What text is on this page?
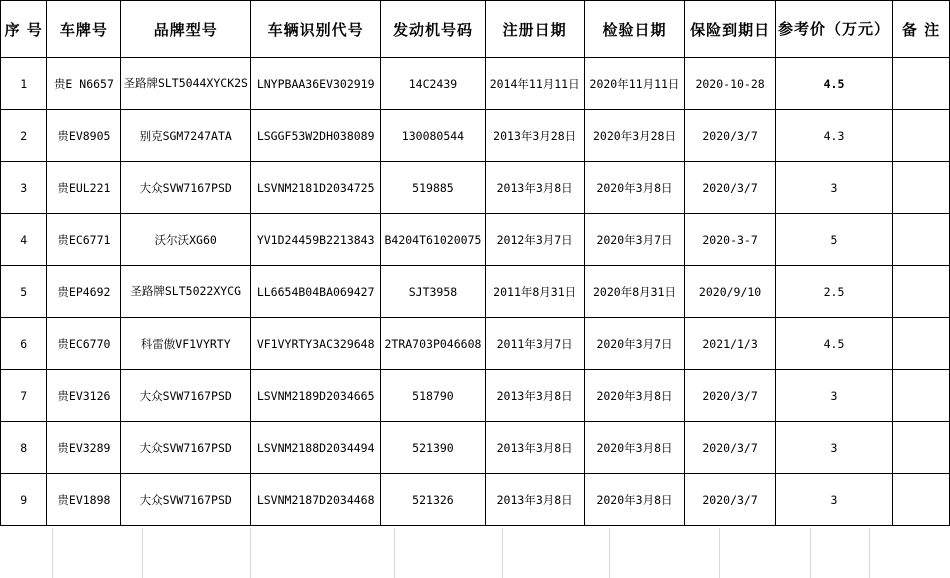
序 号	车牌号	品牌型号	车辆识别代号	发动机号码	注册日期	检验日期	保险到期日	参考价（万元）	备 注
1	贵E N6657	圣路牌SLT5044XYCK2S	LNYPBAA36EV302919	14C2439	2014年11月11日	2020年11月11日	2020-10-28	4.5	
2	贵EV8905	别克SGM7247ATA	LSGGF53W2DH038089	130080544	2013年3月28日	2020年3月28日	2020/3/7	4.3	
3	贵EUL221	大众SVW7167PSD	LSVNM2181D2034725	519885	2013年3月8日	2020年3月8日	2020/3/7	3	
4	贵EC6771	沃尔沃XG60	YV1D24459B2213843	B4204T61020075	2012年3月7日	2020年3月7日	2020-3-7	5	
5	贵EP4692	圣路牌SLT5022XYCG	LL6654B04BA069427	SJT3958	2011年8月31日	2020年8月31日	2020/9/10	2.5	
6	贵EC6770	科雷傲VF1VYRTY	VF1VYRTY3AC329648	2TRA703P046608	2011年3月7日	2020年3月7日	2021/1/3	4.5	
7	贵EV3126	大众SVW7167PSD	LSVNM2189D2034665	518790	2013年3月8日	2020年3月8日	2020/3/7	3	
8	贵EV3289	大众SVW7167PSD	LSVNM2188D2034494	521390	2013年3月8日	2020年3月8日	2020/3/7	3	
9	贵EV1898	大众SVW7167PSD	LSVNM2187D2034468	521326	2013年3月8日	2020年3月8日	2020/3/7	3	
